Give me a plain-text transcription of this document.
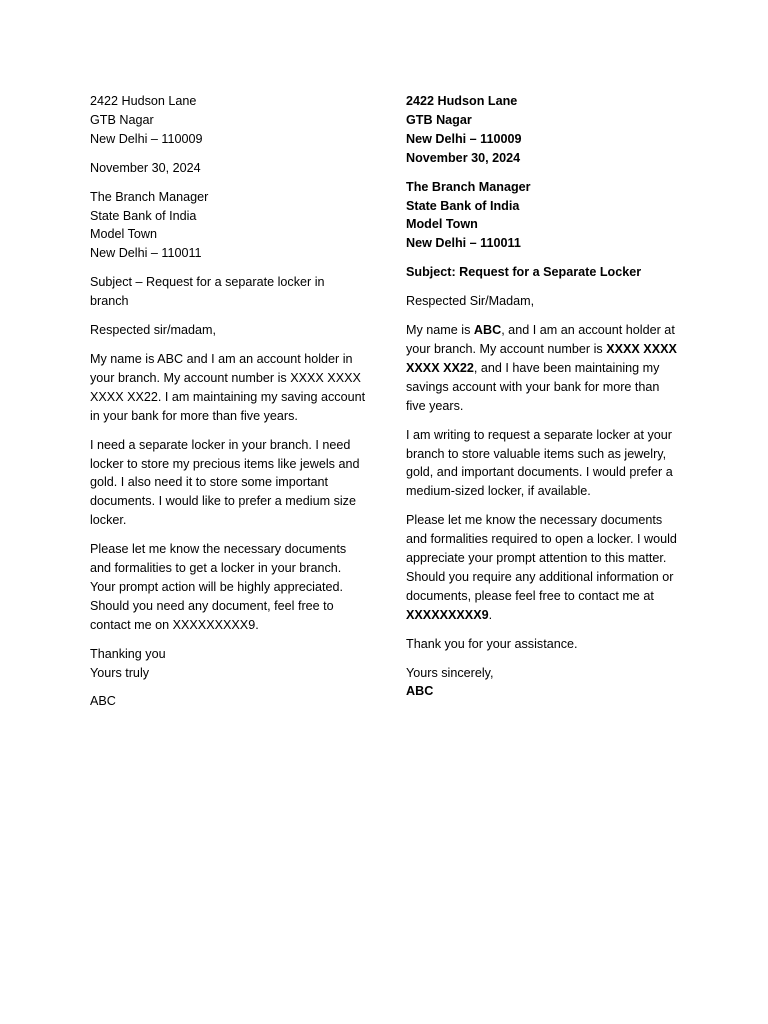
2422 Hudson Lane
GTB Nagar
New Delhi – 110009

November 30, 2024

The Branch Manager
State Bank of India
Model Town
New Delhi – 110011

Subject – Request for a separate locker in branch

Respected sir/madam,

My name is ABC and I am an account holder in your branch. My account number is XXXX XXXX XXXX XX22. I am maintaining my saving account in your bank for more than five years.

I need a separate locker in your branch. I need locker to store my precious items like jewels and gold. I also need it to store some important documents. I would like to prefer a medium size locker.

Please let me know the necessary documents and formalities to get a locker in your branch. Your prompt action will be highly appreciated. Should you need any document, feel free to contact me on XXXXXXXXX9.

Thanking you
Yours truly

ABC

2422 Hudson Lane
GTB Nagar
New Delhi – 110009
November 30, 2024

The Branch Manager
State Bank of India
Model Town
New Delhi – 110011

Subject: Request for a Separate Locker

Respected Sir/Madam,

My name is ABC, and I am an account holder at your branch. My account number is XXXX XXXX XXXX XX22, and I have been maintaining my savings account with your bank for more than five years.

I am writing to request a separate locker at your branch to store valuable items such as jewelry, gold, and important documents. I would prefer a medium-sized locker, if available.

Please let me know the necessary documents and formalities required to open a locker. I would appreciate your prompt attention to this matter. Should you require any additional information or documents, please feel free to contact me at XXXXXXXXX9.

Thank you for your assistance.

Yours sincerely,
ABC
